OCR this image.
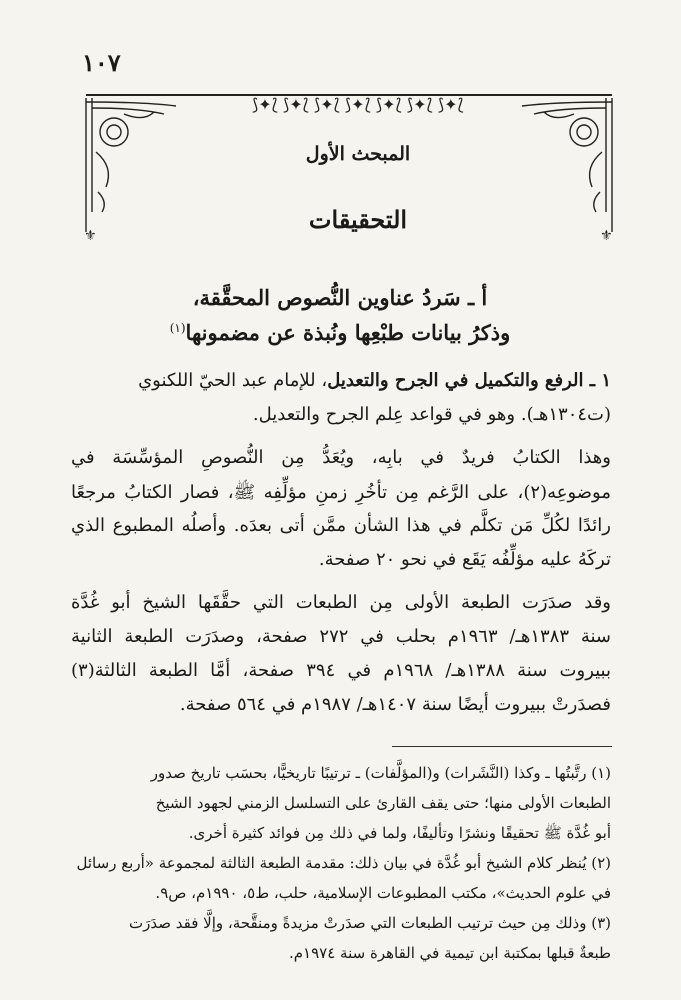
١٠٧
⟆✦⟅ ⟆✦⟅ ⟆✦⟅ ⟆✦⟅ ⟆✦⟅ ⟆✦⟅ ⟆✦⟅
⚜	⚜
المبحث الأول
التحقيقات
أ ـ سَردُ عناوين النُّصوص المحقَّقة،
وذكرُ بيانات طبْعِها ونُبذة عن مضمونها$^{(١)}$
١ ـ الرفع والتكميل في الجرح والتعديل، للإمام عبد الحيّ اللكنوي
(ت١٣٠٤هـ). وهو في قواعد عِلم الجرح والتعديل.
وهذا الكتابُ فريدٌ في بابِه، ويُعَدُّ مِن النُّصوصِ المؤسِّسَة في
موضوعِه(٢)، على الرَّغم مِن تأخُرِ زمنِ مؤلِّفِه ﷺ، فصار الكتابُ مرجعًا
رائدًا لكُلِّ مَن تكلَّم في هذا الشأن ممَّن أتى بعدَه. وأصلُه المطبوع الذي
تركَهُ عليه مؤلِّفُه يَقَع في نحو ٢٠ صفحة.
وقد صدَرَت الطبعة الأولى مِن الطبعات التي حقَّقَها الشيخ أبو غُدَّة
سنة ١٣٨٣هـ/ ١٩٦٣م بحلب في ٢٧٢ صفحة، وصدَرَت الطبعة الثانية
ببيروت سنة ١٣٨٨هـ/ ١٩٦٨م في ٣٩٤ صفحة، أمَّا الطبعة الثالثة(٣)
فصدَرتْ ببيروت أيضًا سنة ١٤٠٧هـ/ ١٩٨٧م في ٥٦٤ صفحة.
(١) رتَّبتُها ـ وكذا (النَّشَرات) و(المؤلَّفات) ـ ترتيبًا تاريخيًّا، بحسَب تاريخ صدور
الطبعات الأولى منها؛ حتى يقف القارئ على التسلسل الزمني لجهود الشيخ
أبو غُدَّة ﷺ تحقيقًا ونشرًا وتأليفًا، ولما في ذلك مِن فوائد كثيرة أخرى.
(٢) يُنظر كلام الشيخ أبو غُدَّة في بيان ذلك: مقدمة الطبعة الثالثة لمجموعة «أربع رسائل
في علوم الحديث»، مكتب المطبوعات الإسلامية، حلب، ط٥، ١٩٩٠م، ص٩.
(٣) وذلك مِن حيث ترتيب الطبعات التي صدَرتْ مزيدةً ومنقَّحة، وإلَّا فقد صدَرَت
طبعةٌ قبلها بمكتبة ابن تيمية في القاهرة سنة ١٩٧٤م.
